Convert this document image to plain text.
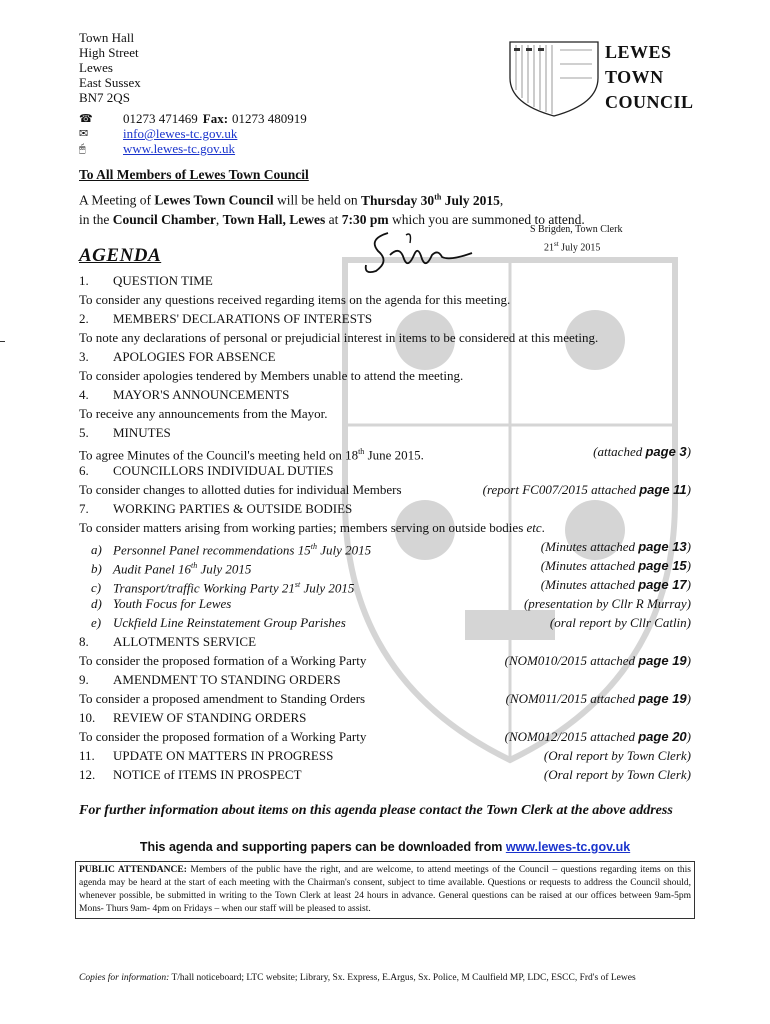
Town Hall
High Street
Lewes
East Sussex
BN7 2QS
☎	01273 471469 Fax: 01273 480919
✉	info@lewes-tc.gov.uk
🖱	www.lewes-tc.gov.uk
LEWES
TOWN
COUNCIL
To All Members of Lewes Town Council
A Meeting of Lewes Town Council will be held on Thursday 30th July 2015,
in the Council Chamber, Town Hall, Lewes at 7:30 pm which you are summoned to attend.
S Brigden, Town Clerk
21st July 2015
AGENDA
1. QUESTION TIME
To consider any questions received regarding items on the agenda for this meeting.
2. MEMBERS' DECLARATIONS OF INTERESTS
To note any declarations of personal or prejudicial interest in items to be considered at this meeting.
3. APOLOGIES FOR ABSENCE
To consider apologies tendered by Members unable to attend the meeting.
4. MAYOR'S ANNOUNCEMENTS
To receive any announcements from the Mayor.
5. MINUTES
To agree Minutes of the Council's meeting held on 18th June 2015.	(attached page 3)
6. COUNCILLORS INDIVIDUAL DUTIES
To consider changes to allotted duties for individual Members	(report FC007/2015 attached page 11)
7. WORKING PARTIES & OUTSIDE BODIES
To consider matters arising from working parties; members serving on outside bodies etc.
a) Personnel Panel recommendations 15th July 2015	(Minutes attached page 13)
b) Audit Panel 16th July 2015	(Minutes attached page 15)
c) Transport/traffic Working Party 21st July 2015	(Minutes attached page 17)
d) Youth Focus for Lewes	(presentation by Cllr R Murray)
e) Uckfield Line Reinstatement Group Parishes	(oral report by Cllr Catlin)
8. ALLOTMENTS SERVICE
To consider the proposed formation of a Working Party	(NOM010/2015 attached page 19)
9. AMENDMENT TO STANDING ORDERS
To consider a proposed amendment to Standing Orders	(NOM011/2015 attached page 19)
10. REVIEW OF STANDING ORDERS
To consider the proposed formation of a Working Party	(NOM012/2015 attached page 20)
11. UPDATE ON MATTERS IN PROGRESS	(Oral report by Town Clerk)
12. NOTICE of ITEMS IN PROSPECT	(Oral report by Town Clerk)
For further information about items on this agenda please contact the Town Clerk at the above address
This agenda and supporting papers can be downloaded from www.lewes-tc.gov.uk
PUBLIC ATTENDANCE: Members of the public have the right, and are welcome, to attend meetings of the Council – questions regarding items on this agenda may be heard at the start of each meeting with the Chairman's consent, subject to time available. Questions or requests to address the Council should, whenever possible, be submitted in writing to the Town Clerk at least 24 hours in advance. General questions can be raised at our offices between 9am-5pm Mons- Thurs 9am- 4pm on Fridays – when our staff will be pleased to assist.
Copies for information: T/hall noticeboard; LTC website; Library, Sx. Express, E.Argus, Sx. Police, M Caulfield MP, LDC, ESCC, Frd's of Lewes
